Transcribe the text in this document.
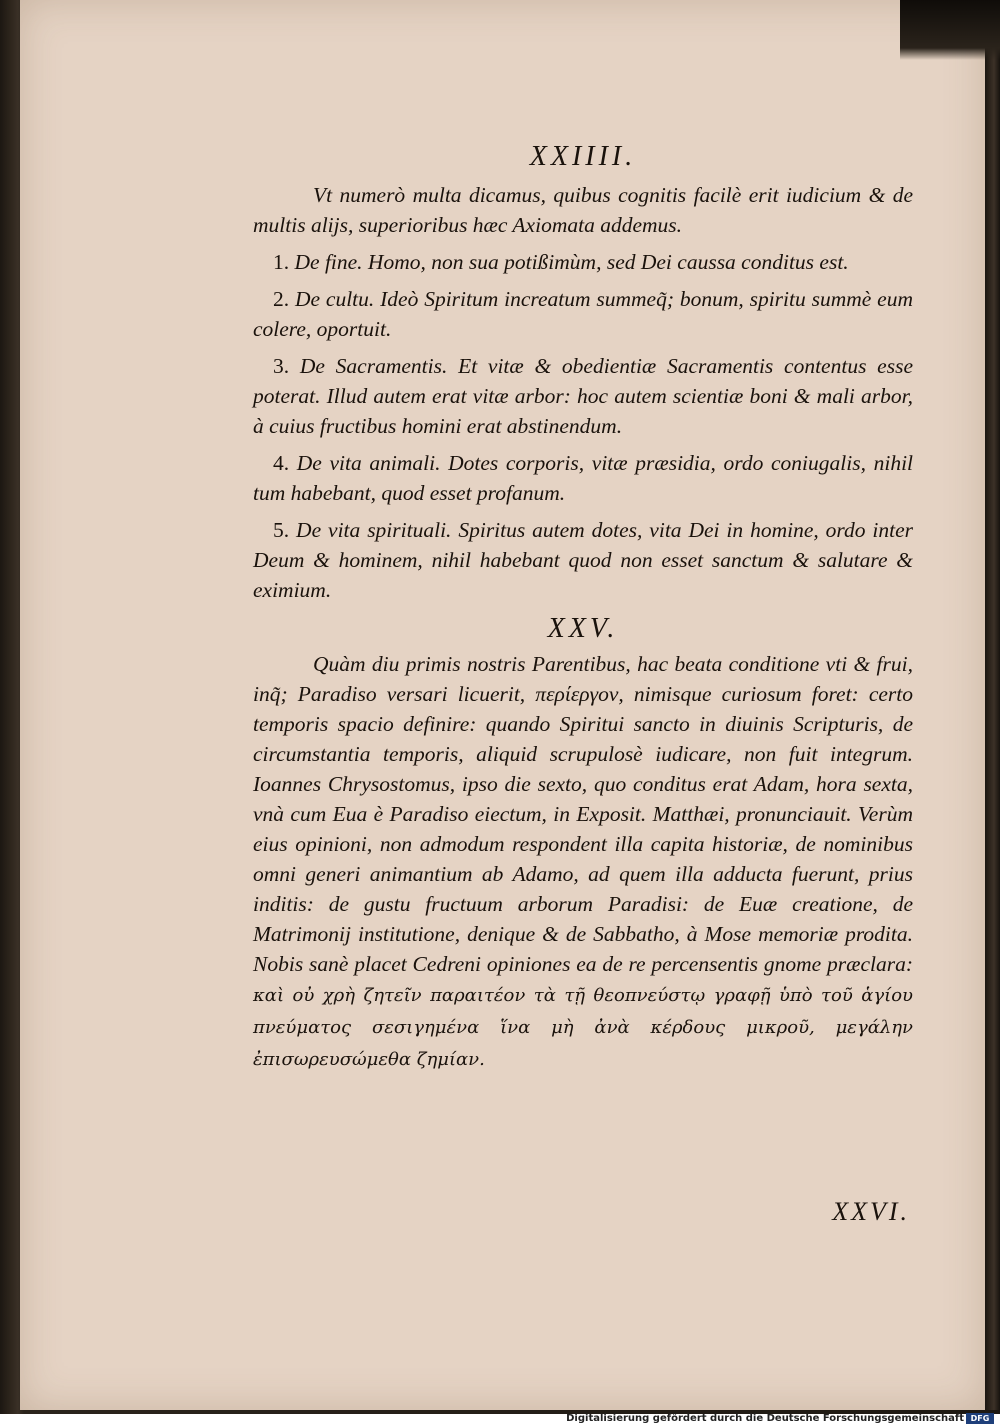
XXIIII.

Vt numerò multa dicamus, quibus cognitis facilè erit iudicium & de multis alijs, superioribus hæc Axiomata addemus.

1. De fine. Homo, non sua potißimùm, sed Dei caussa conditus est.

2. De cultu. Ideò Spiritum increatum summeq̃; bonum, spiritu summè eum colere, oportuit.

3. De Sacramentis. Et vitæ & obedientiæ Sacramentis contentus esse poterat. Illud autem erat vitæ arbor: hoc autem scientiæ boni & mali arbor, à cuius fructibus homini erat abstinendum.

4. De vita animali. Dotes corporis, vitæ præsidia, ordo coniugalis, nihil tum habebant, quod esset profanum.

5. De vita spirituali. Spiritus autem dotes, vita Dei in homine, ordo inter Deum & hominem, nihil habebant quod non esset sanctum & salutare & eximium.

XXV.

Quàm diu primis nostris Parentibus, hac beata conditione vti & frui, inq̃; Paradiso versari licuerit, περίεργον, nimisque curiosum foret: certo temporis spacio definire: quando Spiritui sancto in diuinis Scripturis, de circumstantia temporis, aliquid scrupulosè iudicare, non fuit integrum. Ioannes Chrysostomus, ipso die sexto, quo conditus erat Adam, hora sexta, vnà cum Eua è Paradiso eiectum, in Exposit. Matthæi, pronunciauit. Verùm eius opinioni, non admodum respondent illa capita historiæ, de nominibus omni generi animantium ab Adamo, ad quem illa adducta fuerunt, prius inditis: de gustu fructuum arborum Paradisi: de Euæ creatione, de Matrimonij institutione, denique & de Sabbatho, à Mose memoriæ prodita. Nobis sanè placet Cedreni opiniones ea de re percensentis gnome præclara: καὶ οὐ χρὴ ζητεῖν παραιτέον τὰ τῇ θεοπνεύστῳ γραφῇ ὑπὸ τοῦ ἁγίου πνεύματος σεσιγημένα ἵνα μὴ ἀνὰ κέρδους μικροῦ, μεγάλην ἐπισωρευσώμεθα ζημίαν.

XXVI.
Digitalisierung gefördert durch die Deutsche Forschungsgemeinschaft DFG
